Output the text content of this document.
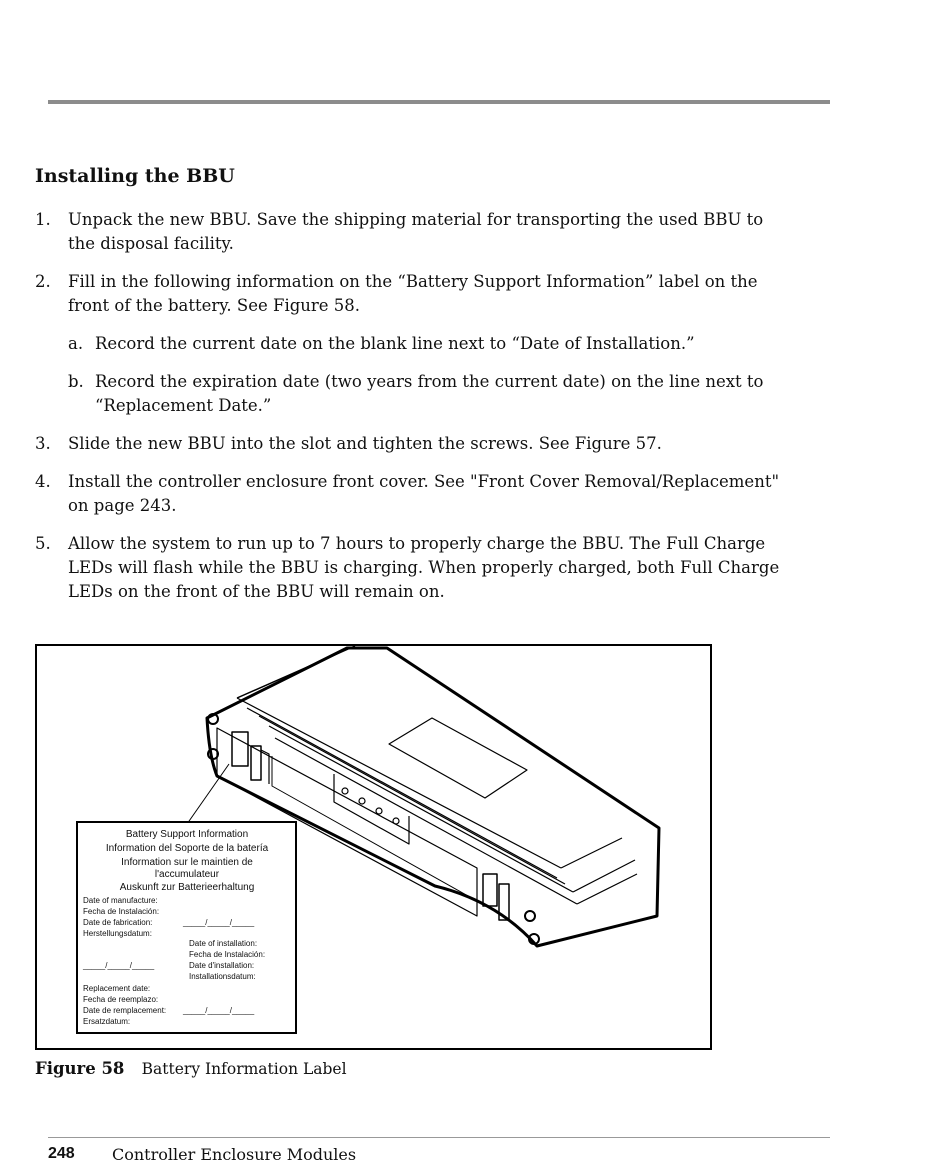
Installing the BBU
1. Unpack the new BBU. Save the shipping material for transporting the used BBU to the disposal facility.
2. Fill in the following information on the “Battery Support Information” label on the front of the battery. See Figure 58.
a. Record the current date on the blank line next to “Date of Installation.”
b. Record the expiration date (two years from the current date) on the line next to “Replacement Date.”
3. Slide the new BBU into the slot and tighten the screws. See Figure 57.
4. Install the controller enclosure front cover. See "Front Cover Removal/Replacement" on page 243.
5. Allow the system to run up to 7 hours to properly charge the BBU. The Full Charge LEDs will flash while the BBU is charging. When properly charged, both Full Charge LEDs on the front of the BBU will remain on.
Battery Support Information
Information del Soporte de la batería
Information sur le maintien de
l'accumulateur
Auskunft zur Batterieerhaltung
Date of manufacture:
Fecha de Instalación:
Date de fabrication:
Herstellungsdatum:
_____/_____/_____
Date of installation:
Fecha de Instalación:
Date d'installation:
Installationsdatum:
_____/_____/_____
Replacement date:
Fecha de reemplazo:
Date de remplacement:
Ersatzdatum:
_____/_____/_____
Figure 58 Battery Information Label
248 Controller Enclosure Modules
